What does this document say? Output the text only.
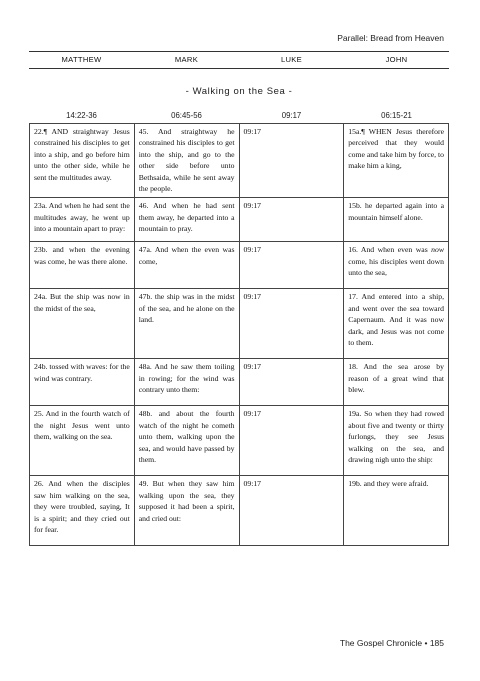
Parallel: Bread from Heaven
MATTHEW	MARK	LUKE	JOHN
- Walking on the Sea -
14:22-36	06:45-56	09:17	06:15-21
22.¶ AND straightway Jesus constrained his disciples to get into a ship, and go before him unto the other side, while he sent the multitudes away.	45. And straightway he constrained his disciples to get into the ship, and go to the other side before unto Bethsaida, while he sent away the people.	09:17	15a.¶ WHEN Jesus therefore perceived that they would come and take him by force, to make him a king,
23a. And when he had sent the multitudes away, he went up into a mountain apart to pray:	46. And when he had sent them away, he departed into a mountain to pray.	09:17	15b. he departed again into a mountain himself alone.
23b. and when the evening was come, he was there alone.	47a. And when the even was come,	09:17	16. And when even was now come, his disciples went down unto the sea,
24a. But the ship was now in the midst of the sea,	47b. the ship was in the midst of the sea, and he alone on the land.	09:17	17. And entered into a ship, and went over the sea toward Capernaum. And it was now dark, and Jesus was not come to them.
24b. tossed with waves: for the wind was contrary.	48a. And he saw them toiling in rowing; for the wind was contrary unto them:	09:17	18. And the sea arose by reason of a great wind that blew.
25. And in the fourth watch of the night Jesus went unto them, walking on the sea.	48b. and about the fourth watch of the night he cometh unto them, walking upon the sea, and would have passed by them.	09:17	19a. So when they had rowed about five and twenty or thirty furlongs, they see Jesus walking on the sea, and drawing nigh unto the ship:
26. And when the disciples saw him walking on the sea, they were troubled, saying, It is a spirit; and they cried out for fear.	49. But when they saw him walking upon the sea, they supposed it had been a spirit, and cried out:	09:17	19b. and they were afraid.
The Gospel Chronicle • 185
